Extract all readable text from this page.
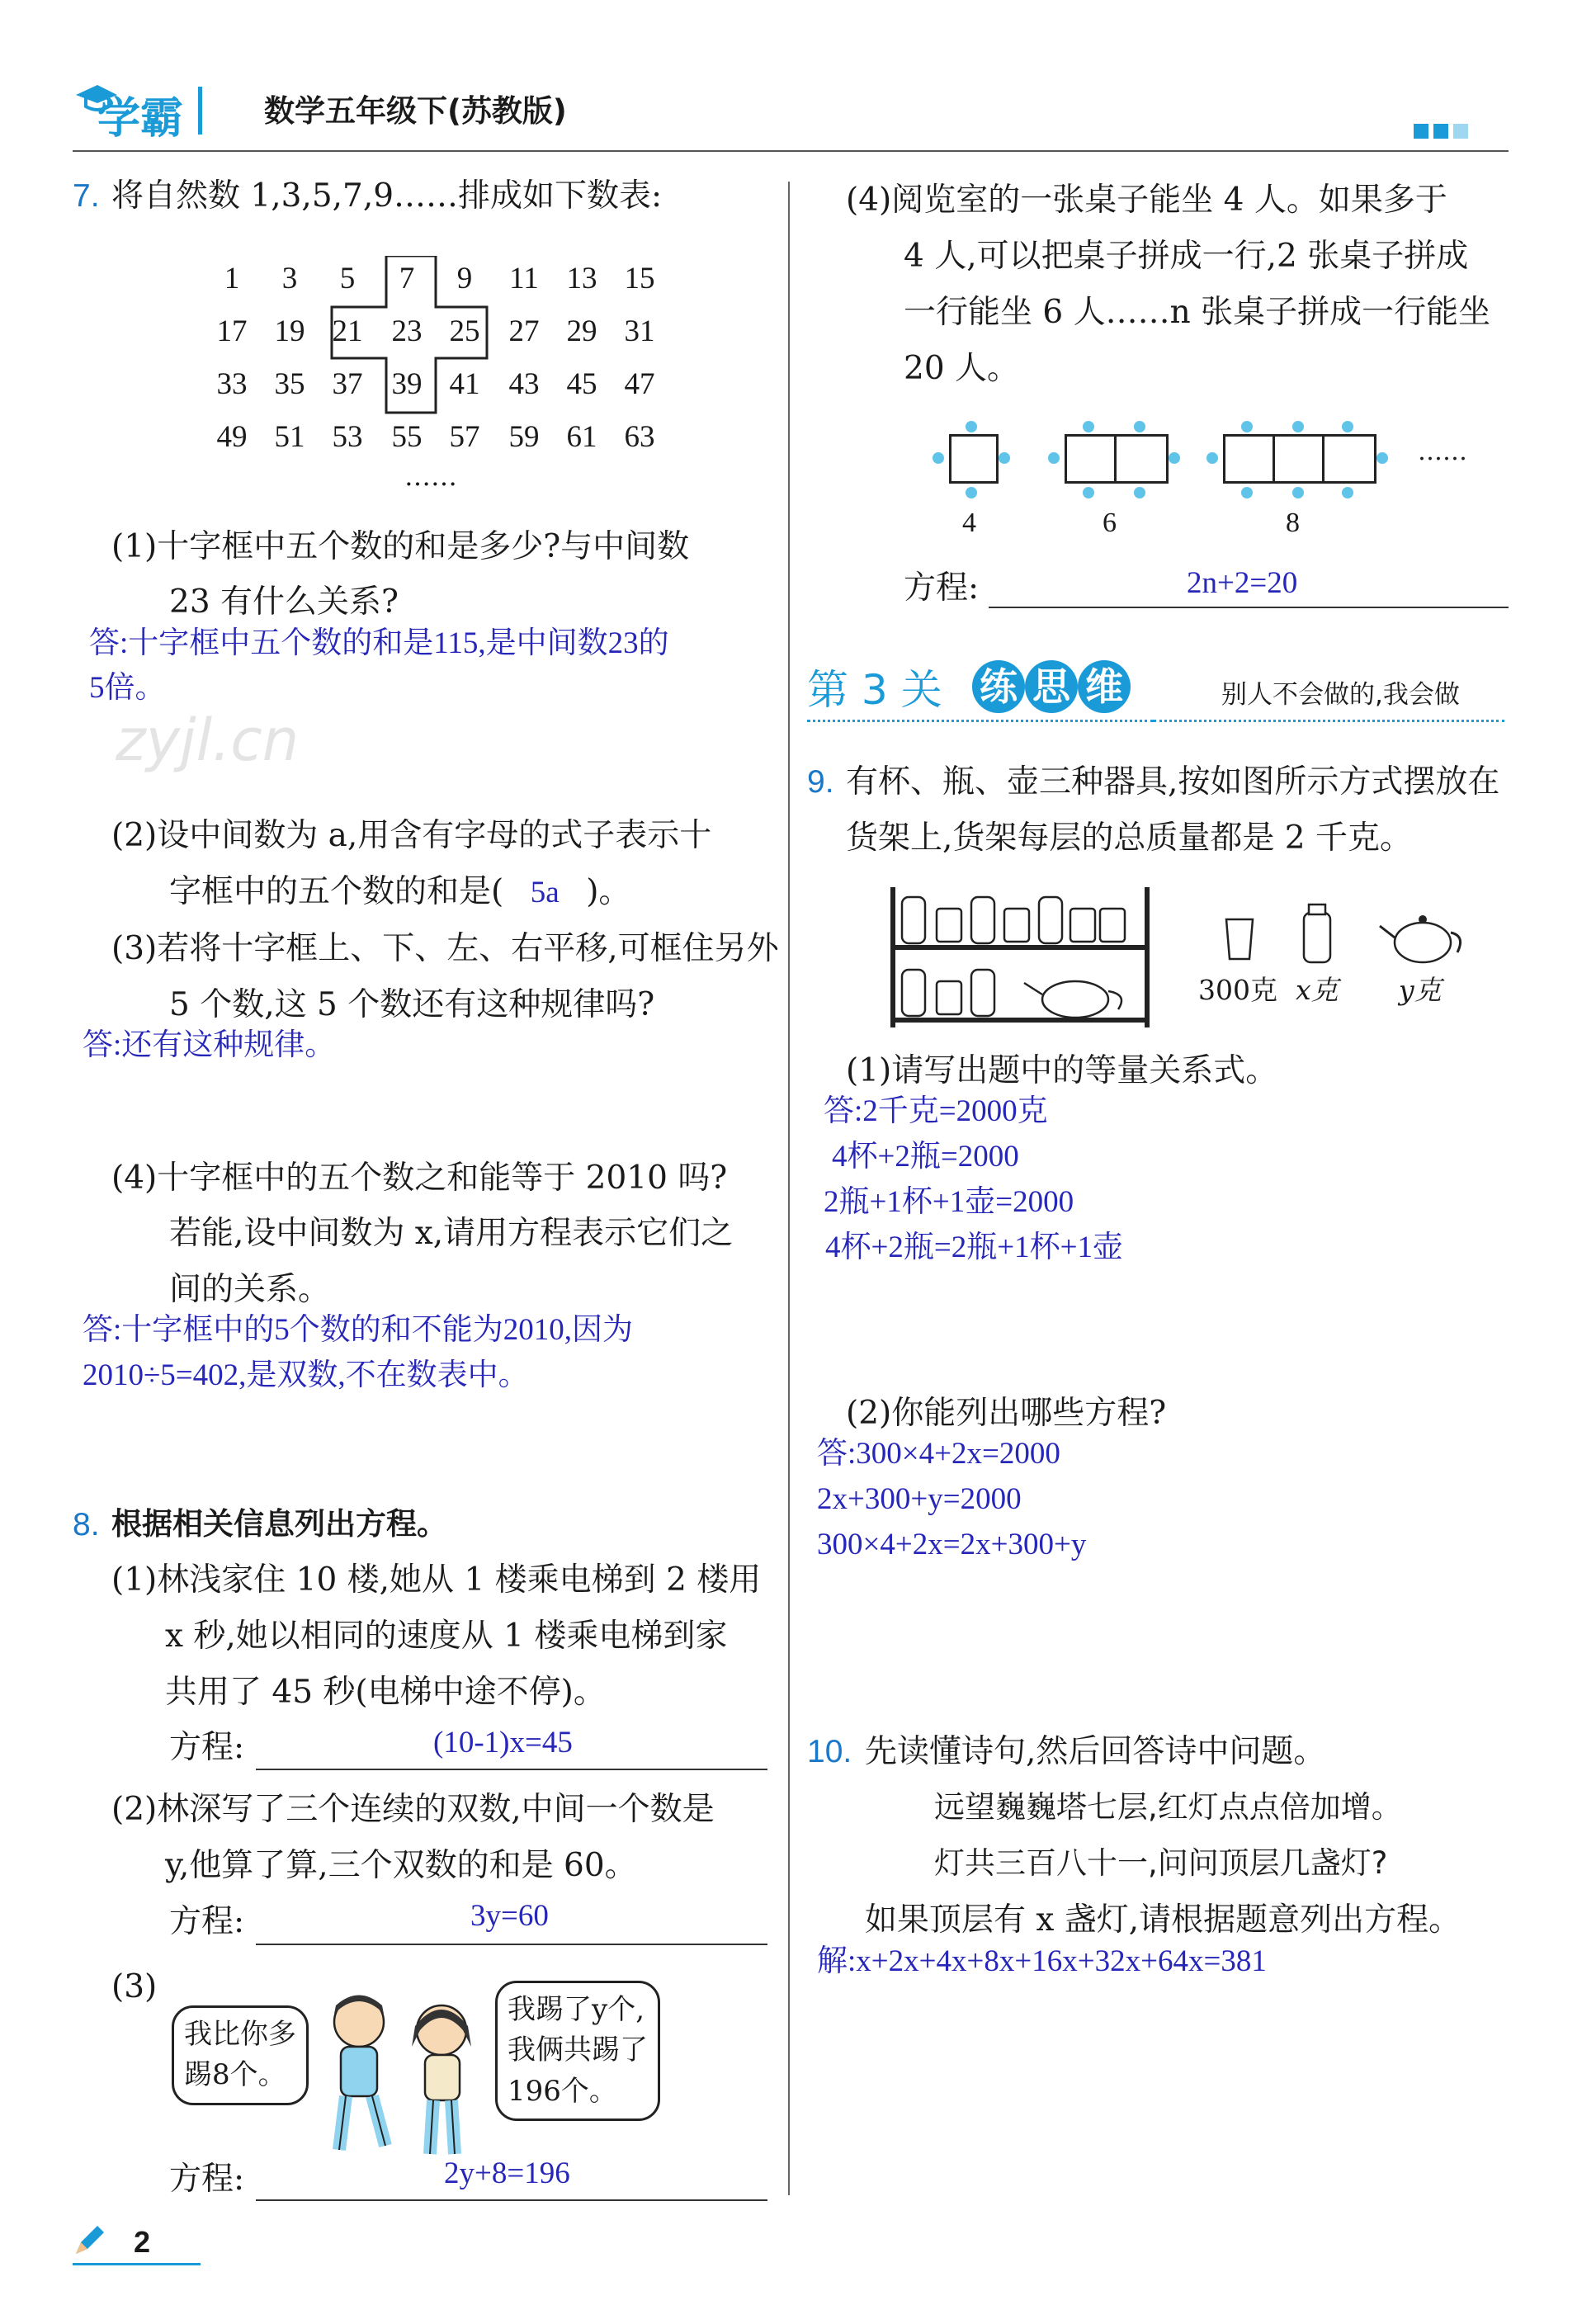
学霸	数学五年级下(苏教版)
7. 将自然数 1,3,5,7,9……排成如下数表:
1	3	5	7	9	11 13 15
17 19 21 23 25 27 29 31
33 35 37 39 41 43 45 47
49 51 53 55 57 59 61 63
……
(1)十字框中五个数的和是多少?与中间数
23 有什么关系?
答:十字框中五个数的和是115,是中间数23的
5倍。
zyjl.cn
(2)设中间数为 a,用含有字母的式子表示十
字框中的五个数的和是( 5a )。
(3)若将十字框上、下、左、右平移,可框住另外
5 个数,这 5 个数还有这种规律吗?
答:还有这种规律。
(4)十字框中的五个数之和能等于 2010 吗?
若能,设中间数为 x,请用方程表示它们之
间的关系。
答:十字框中的5个数的和不能为2010,因为
2010÷5=402,是双数,不在数表中。
8. 根据相关信息列出方程。
(1)林浅家住 10 楼,她从 1 楼乘电梯到 2 楼用
x 秒,她以相同的速度从 1 楼乘电梯到家
共用了 45 秒(电梯中途不停)。
方程:	(10-1)x=45
(2)林深写了三个连续的双数,中间一个数是
y,他算了算,三个双数的和是 60。
方程:	3y=60
(3)
我比你多
踢8个。
我踢了y个,
我俩共踢了
196个。
方程:	2y+8=196
2
(4)阅览室的一张桌子能坐 4 人。如果多于
4 人,可以把桌子拼成一行,2 张桌子拼成
一行能坐 6 人……n 张桌子拼成一行能坐
20 人。
……
4	6	8
方程:	2n+2=20
第 3 关 练 思 维	别人不会做的,我会做
9. 有杯、瓶、壶三种器具,按如图所示方式摆放在
货架上,货架每层的总质量都是 2 千克。
300克 x克 y克
(1)请写出题中的等量关系式。
答:2千克=2000克
4杯+2瓶=2000
2瓶+1杯+1壶=2000
4杯+2瓶=2瓶+1杯+1壶
(2)你能列出哪些方程?
答:300×4+2x=2000
2x+300+y=2000
300×4+2x=2x+300+y
10. 先读懂诗句,然后回答诗中问题。
远望巍巍塔七层,红灯点点倍加增。
灯共三百八十一,问问顶层几盏灯?
如果顶层有 x 盏灯,请根据题意列出方程。
解:x+2x+4x+8x+16x+32x+64x=381
